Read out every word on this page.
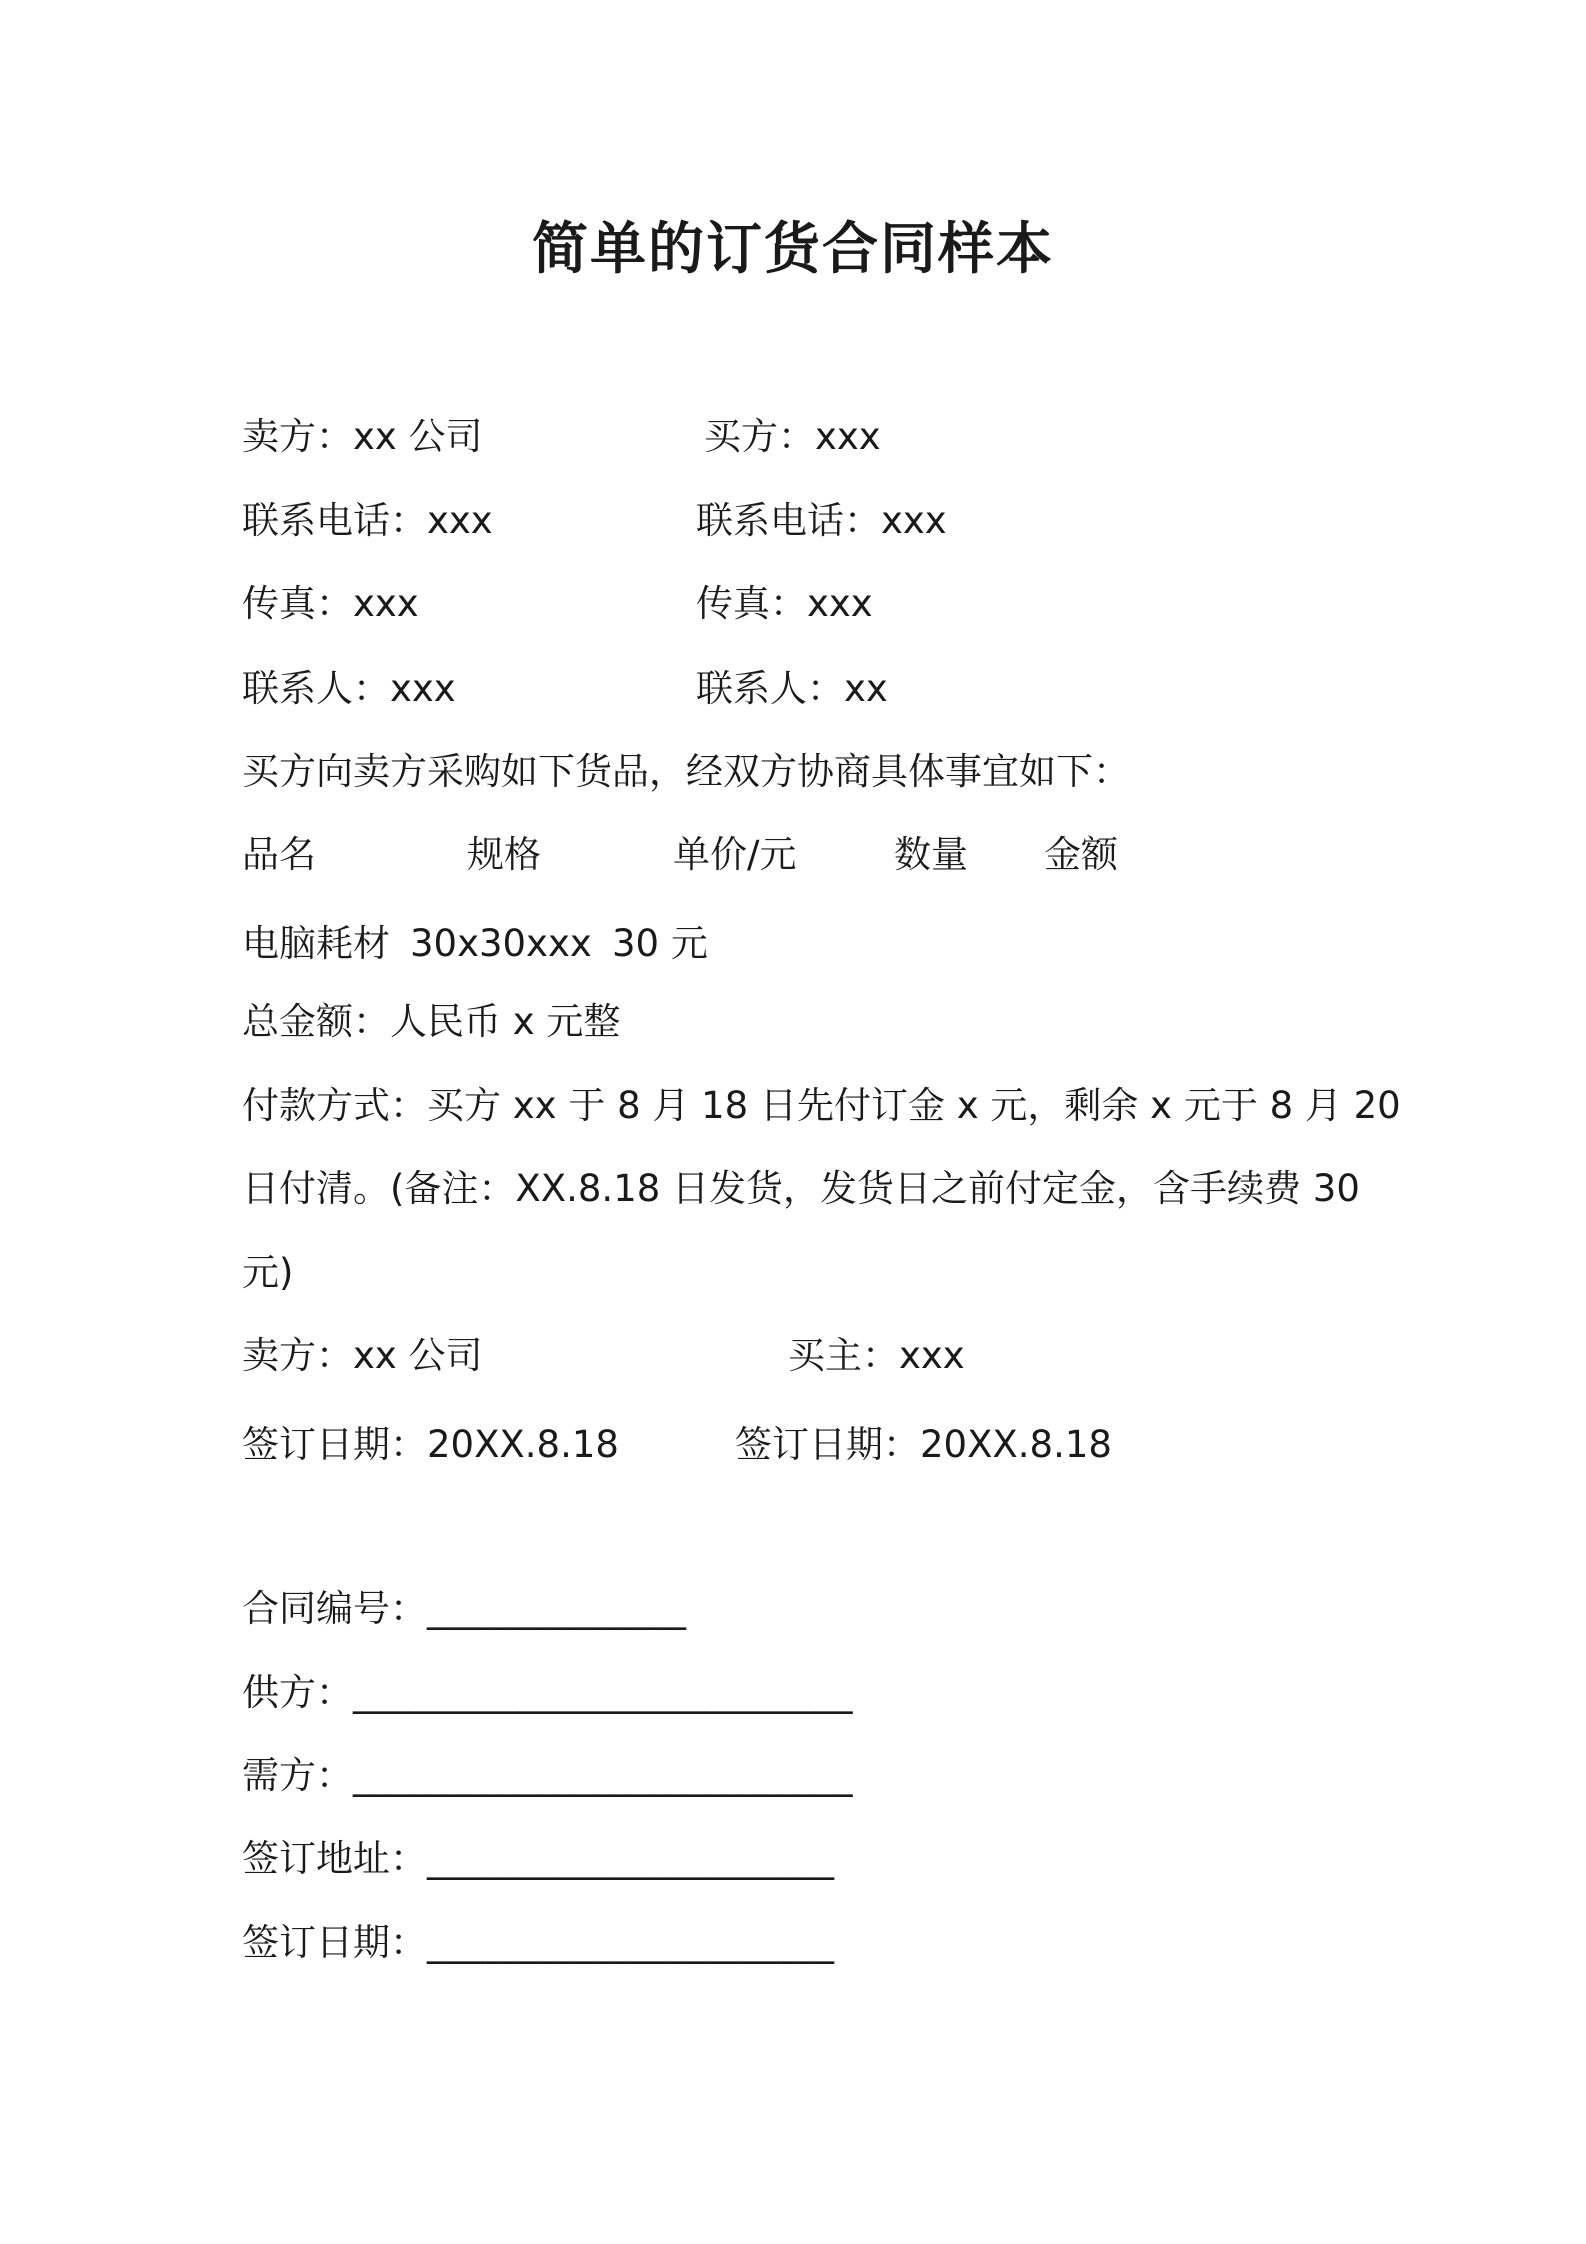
简单的订货合同样本
卖方：xx 公司	买方：xxx
联系电话：xxx	联系电话：xxx
传真：xxx	传真：xxx
联系人：xxx	联系人：xx
买方向卖方采购如下货品，经双方协商具体事宜如下：
品名	规格	单价/元	数量 金额
电脑耗材 30x30xxx 30 元
总金额：人民币 x 元整
付款方式：买方 xx 于 8 月 18 日先付订金 x 元，剩余 x 元于 8 月 20
日付清。(备注：XX.8.18 日发货，发货日之前付定金，含手续费 30
元)
卖方：xx 公司	买主：xxx
签订日期：20XX.8.18	签订日期：20XX.8.18
合同编号：______________
供方：___________________________
需方：___________________________
签订地址：______________________
签订日期：______________________
